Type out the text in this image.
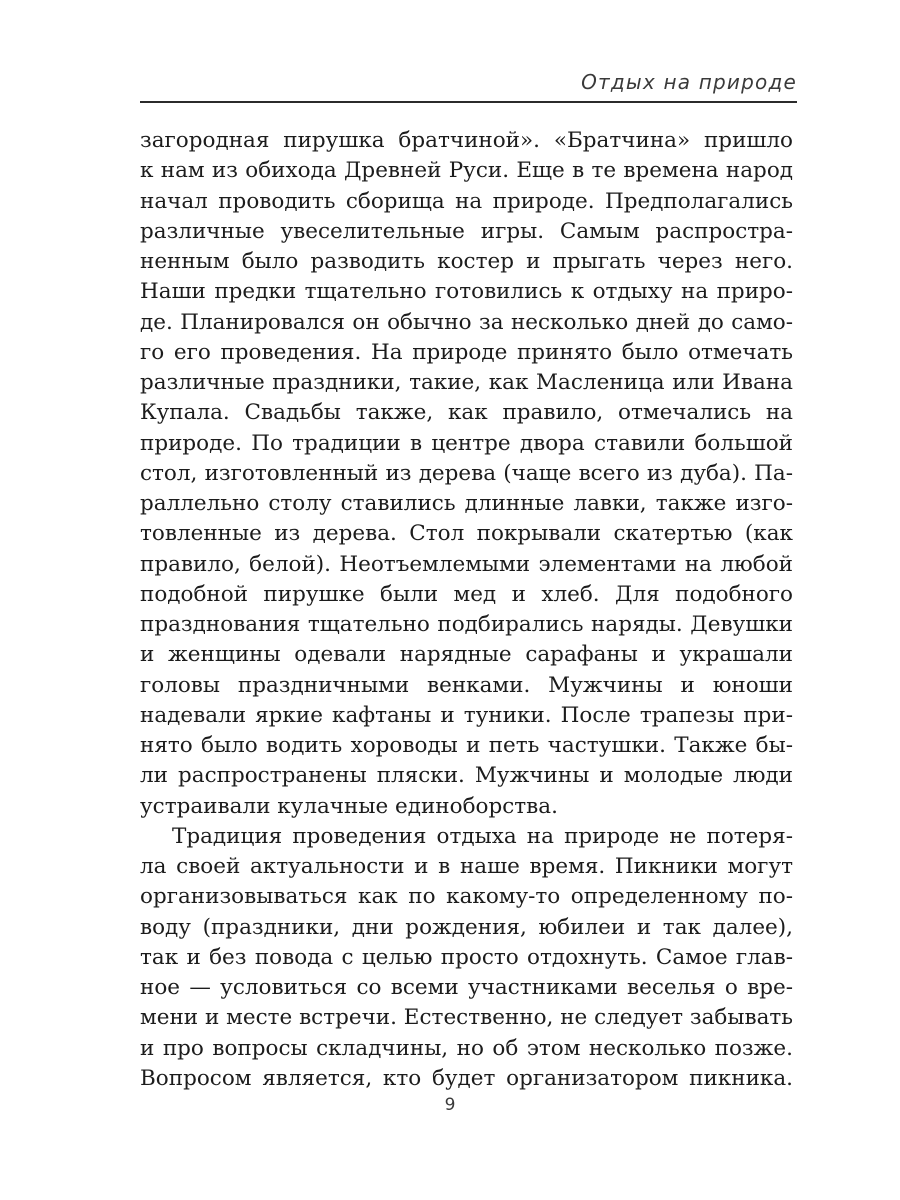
Отдых на природе
загородная пирушка братчиной». «Братчина» пришло
к нам из обихода Древней Руси. Еще в те времена народ
начал проводить сборища на природе. Предполагались
различные увеселительные игры. Самым распростра-
ненным было разводить костер и прыгать через него.
Наши предки тщательно готовились к отдыху на приро-
де. Планировался он обычно за несколько дней до само-
го его проведения. На природе принято было отмечать
различные праздники, такие, как Масленица или Ивана
Купала. Свадьбы также, как правило, отмечались на
природе. По традиции в центре двора ставили большой
стол, изготовленный из дерева (чаще всего из дуба). Па-
раллельно столу ставились длинные лавки, также изго-
товленные из дерева. Стол покрывали скатертью (как
правило, белой). Неотъемлемыми элементами на любой
подобной пирушке были мед и хлеб. Для подобного
празднования тщательно подбирались наряды. Девушки
и женщины одевали нарядные сарафаны и украшали
головы праздничными венками. Мужчины и юноши
надевали яркие кафтаны и туники. После трапезы при-
нято было водить хороводы и петь частушки. Также бы-
ли распространены пляски. Мужчины и молодые люди
устраивали кулачные единоборства.
Традиция проведения отдыха на природе не потеря-
ла своей актуальности и в наше время. Пикники могут
организовываться как по какому-то определенному по-
воду (праздники, дни рождения, юбилеи и так далее),
так и без повода с целью просто отдохнуть. Самое глав-
ное — условиться со всеми участниками веселья о вре-
мени и месте встречи. Естественно, не следует забывать
и про вопросы складчины, но об этом несколько позже.
Вопросом является, кто будет организатором пикника.
9
